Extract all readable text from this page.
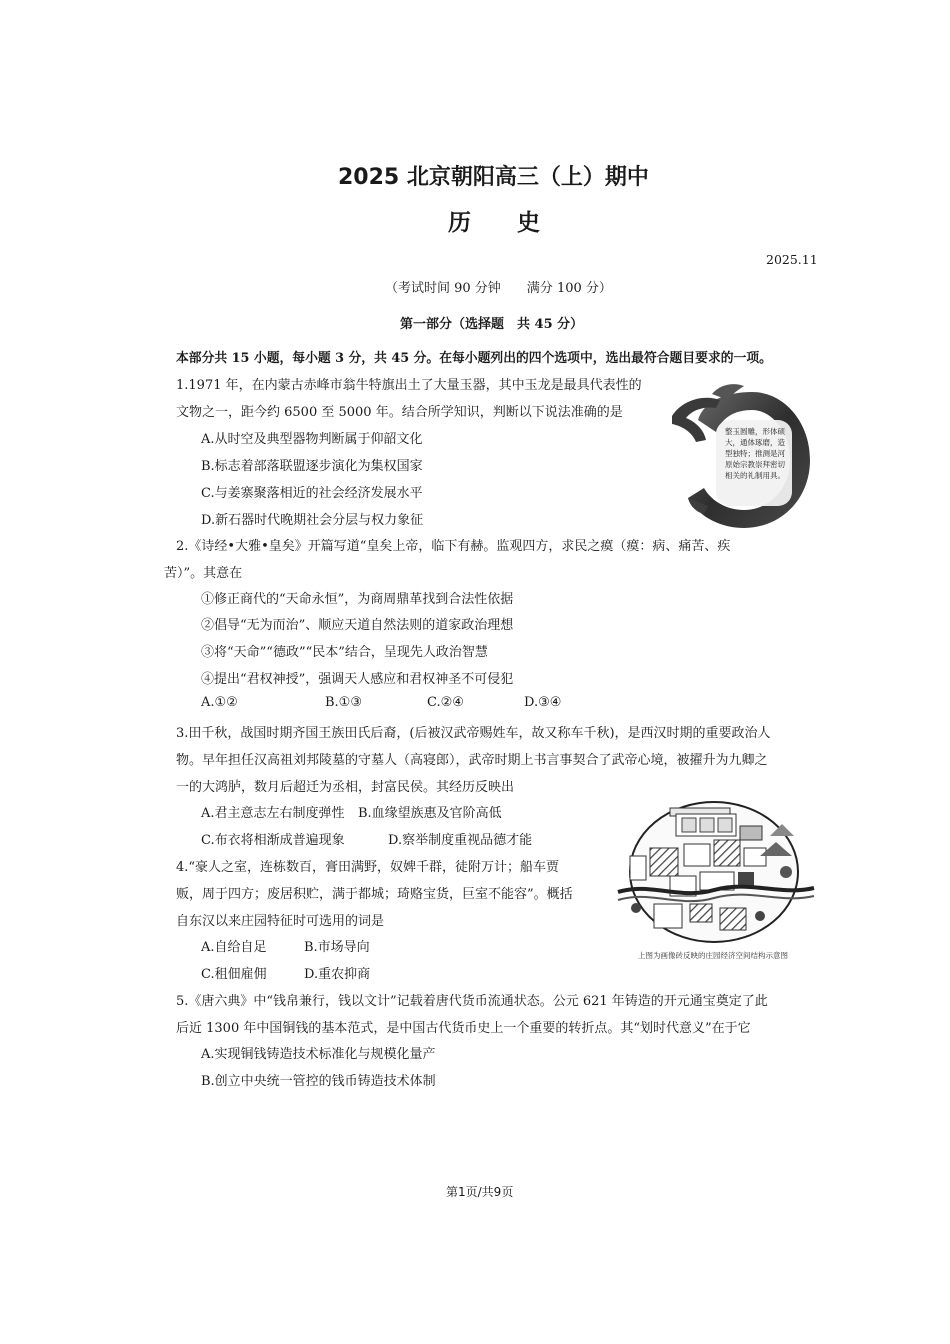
2025 北京朝阳高三（上）期中
历　　史
2025.11
（考试时间 90 分钟　　满分 100 分）
第一部分（选择题　共 45 分）
本部分共 15 小题，每小题 3 分，共 45 分。在每小题列出的四个选项中，选出最符合题目要求的一项。
1.1971 年，在内蒙古赤峰市翁牛特旗出土了大量玉器，其中玉龙是最具代表性的
文物之一，距今约 6500 至 5000 年。结合所学知识，判断以下说法准确的是
A.从时空及典型器物判断属于仰韶文化
B.标志着部落联盟逐步演化为集权国家
C.与姜寨聚落相近的社会经济发展水平
D.新石器时代晚期社会分层与权力象征
整玉圆雕，形体硕大，通体琢磨，造型独特；推测是河原始宗教崇拜密切相关的礼制用具。
2.《诗经•大雅•皇矣》开篇写道“皇矣上帝，临下有赫。监观四方，求民之瘼（瘼：病、痛苦、疾
苦）”。其意在
①修正商代的“天命永恒”，为商周鼎革找到合法性依据
②倡导“无为而治”、顺应天道自然法则的道家政治理想
③将“天命”“德政”“民本”结合，呈现先人政治智慧
④提出“君权神授”，强调天人感应和君权神圣不可侵犯
A.①②	B.①③	C.②④	D.③④
3.田千秋，战国时期齐国王族田氏后裔，(后被汉武帝赐姓车，故又称车千秋)，是西汉时期的重要政治人
物。早年担任汉高祖刘邦陵墓的守墓人（高寝郎），武帝时期上书言事契合了武帝心境，被擢升为九卿之
一的大鸿胪，数月后超迁为丞相，封富民侯。其经历反映出
A.君主意志左右制度弹性 B.血缘望族惠及官阶高低
C.布衣将相渐成普遍现象	D.察举制度重视品德才能
4.“豪人之室，连栋数百，膏田满野，奴婢千群，徒附万计；船车贾
贩，周于四方；废居积贮，满于都城；琦赂宝货，巨室不能容”。概括
自东汉以来庄园特征时可选用的词是
A.自给自足	B.市场导向
C.租佃雇佣	D.重农抑商
上图为画像砖反映的庄园经济空间结构示意图
5.《唐六典》中“钱帛兼行，钱以文计”记载着唐代货币流通状态。公元 621 年铸造的开元通宝奠定了此
后近 1300 年中国铜钱的基本范式，是中国古代货币史上一个重要的转折点。其“划时代意义”在于它
A.实现铜钱铸造技术标准化与规模化量产
B.创立中央统一管控的钱币铸造技术体制
第1页/共9页
